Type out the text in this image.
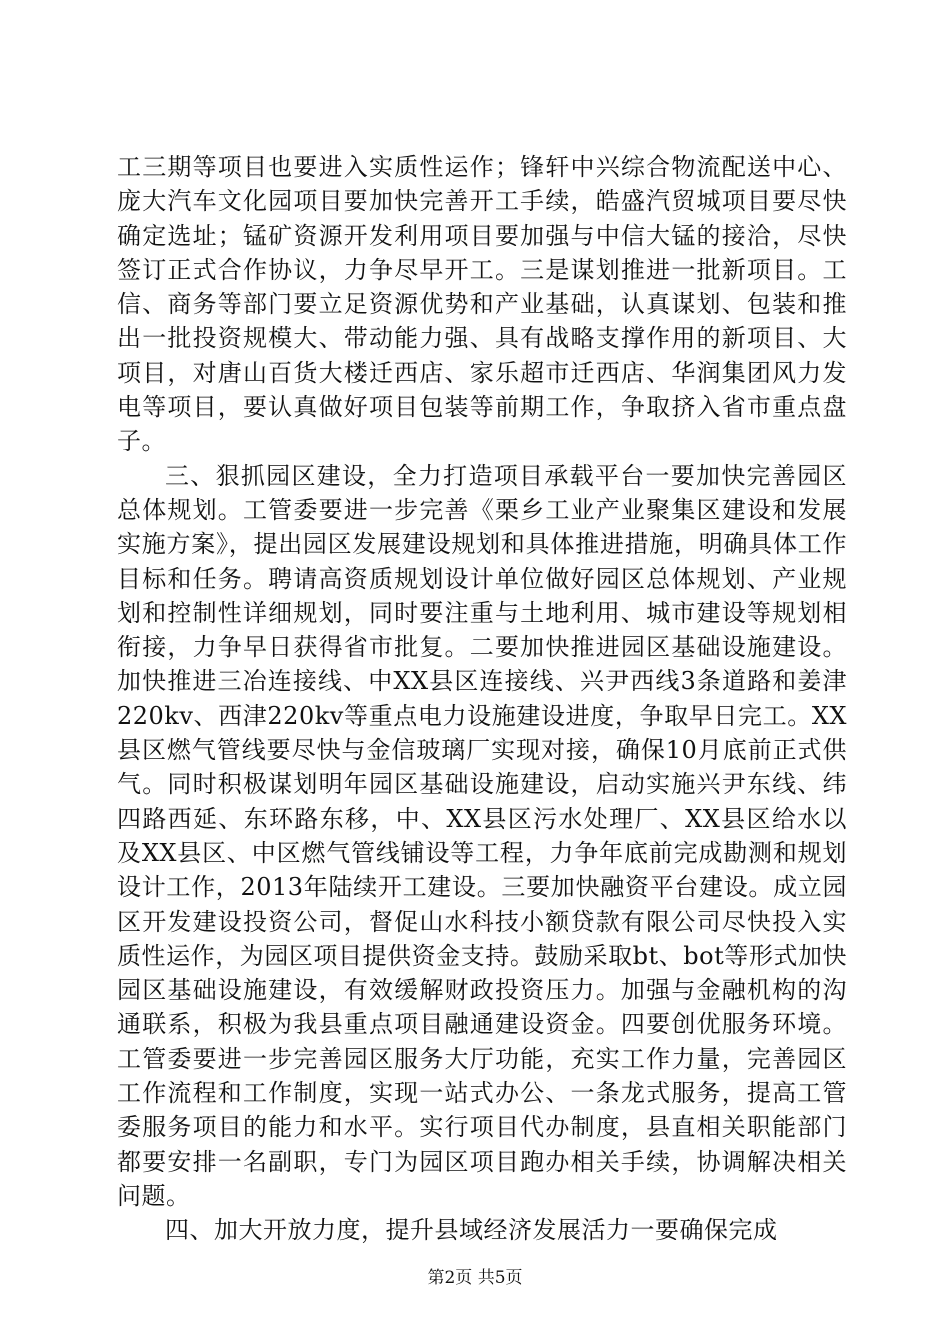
工三期等项目也要进入实质性运作；锋轩中兴综合物流配送中心、庞大汽车文化园项目要加快完善开工手续，皓盛汽贸城项目要尽快确定选址；锰矿资源开发利用项目要加强与中信大锰的接洽，尽快签订正式合作协议，力争尽早开工。三是谋划推进一批新项目。工信、商务等部门要立足资源优势和产业基础，认真谋划、包装和推出一批投资规模大、带动能力强、具有战略支撑作用的新项目、大项目，对唐山百货大楼迁西店、家乐超市迁西店、华润集团风力发电等项目，要认真做好项目包装等前期工作，争取挤入省市重点盘子。

三、狠抓园区建设，全力打造项目承载平台一要加快完善园区总体规划。工管委要进一步完善《栗乡工业产业聚集区建设和发展实施方案》，提出园区发展建设规划和具体推进措施，明确具体工作目标和任务。聘请高资质规划设计单位做好园区总体规划、产业规划和控制性详细规划，同时要注重与土地利用、城市建设等规划相衔接，力争早日获得省市批复。二要加快推进园区基础设施建设。加快推进三冶连接线、中XX县区连接线、兴尹西线3条道路和姜津220kv、西津220kv等重点电力设施建设进度，争取早日完工。XX县区燃气管线要尽快与金信玻璃厂实现对接，确保10月底前正式供气。同时积极谋划明年园区基础设施建设，启动实施兴尹东线、纬四路西延、东环路东移，中、XX县区污水处理厂、XX县区给水以及XX县区、中区燃气管线铺设等工程，力争年底前完成勘测和规划设计工作，2013年陆续开工建设。三要加快融资平台建设。成立园区开发建设投资公司，督促山水科技小额贷款有限公司尽快投入实质性运作，为园区项目提供资金支持。鼓励采取bt、bot等形式加快园区基础设施建设，有效缓解财政投资压力。加强与金融机构的沟通联系，积极为我县重点项目融通建设资金。四要创优服务环境。工管委要进一步完善园区服务大厅功能，充实工作力量，完善园区工作流程和工作制度，实现一站式办公、一条龙式服务，提高工管委服务项目的能力和水平。实行项目代办制度，县直相关职能部门都要安排一名副职，专门为园区项目跑办相关手续，协调解决相关问题。

四、加大开放力度，提升县域经济发展活力一要确保完成

第2页 共5页
